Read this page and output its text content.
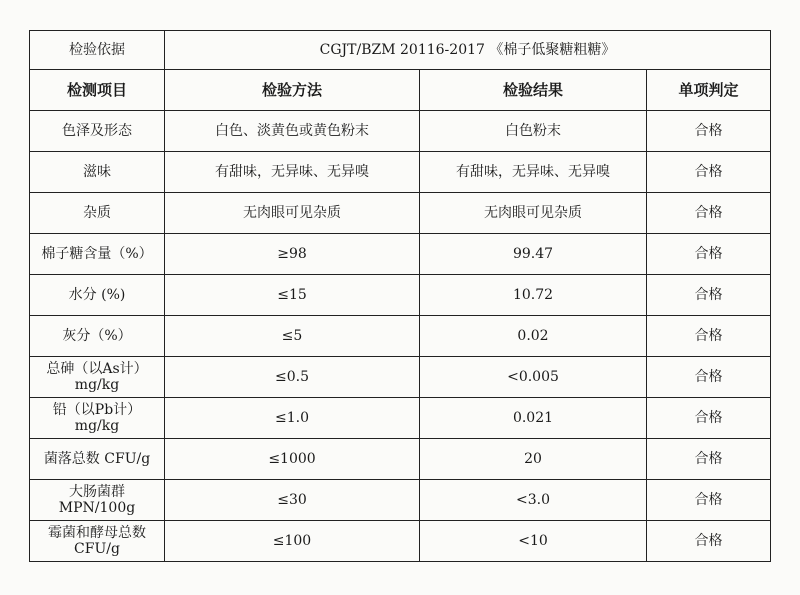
检验依据	CGJT/BZM 20116-2017 《棉子低聚糖粗糖》		
检测项目	检验方法	检验结果	单项判定
色泽及形态	白色、淡黄色或黄色粉末	白色粉末	合格
滋味	有甜味，无异味、无异嗅	有甜味，无异味、无异嗅	合格
杂质	无肉眼可见杂质	无肉眼可见杂质	合格
棉子糖含量（%）	≥98	99.47	合格
水分 (%)	≤15	10.72	合格
灰分（%）	≤5	0.02	合格

总砷（以As计）
mg/kg	≤0.5	<0.005	合格

铅（以Pb计）
mg/kg	≤1.0	0.021	合格
菌落总数 CFU/g	≤1000	20	合格

大肠菌群
MPN/100g	≤30	<3.0	合格

霉菌和酵母总数
CFU/g	≤100	<10	合格
